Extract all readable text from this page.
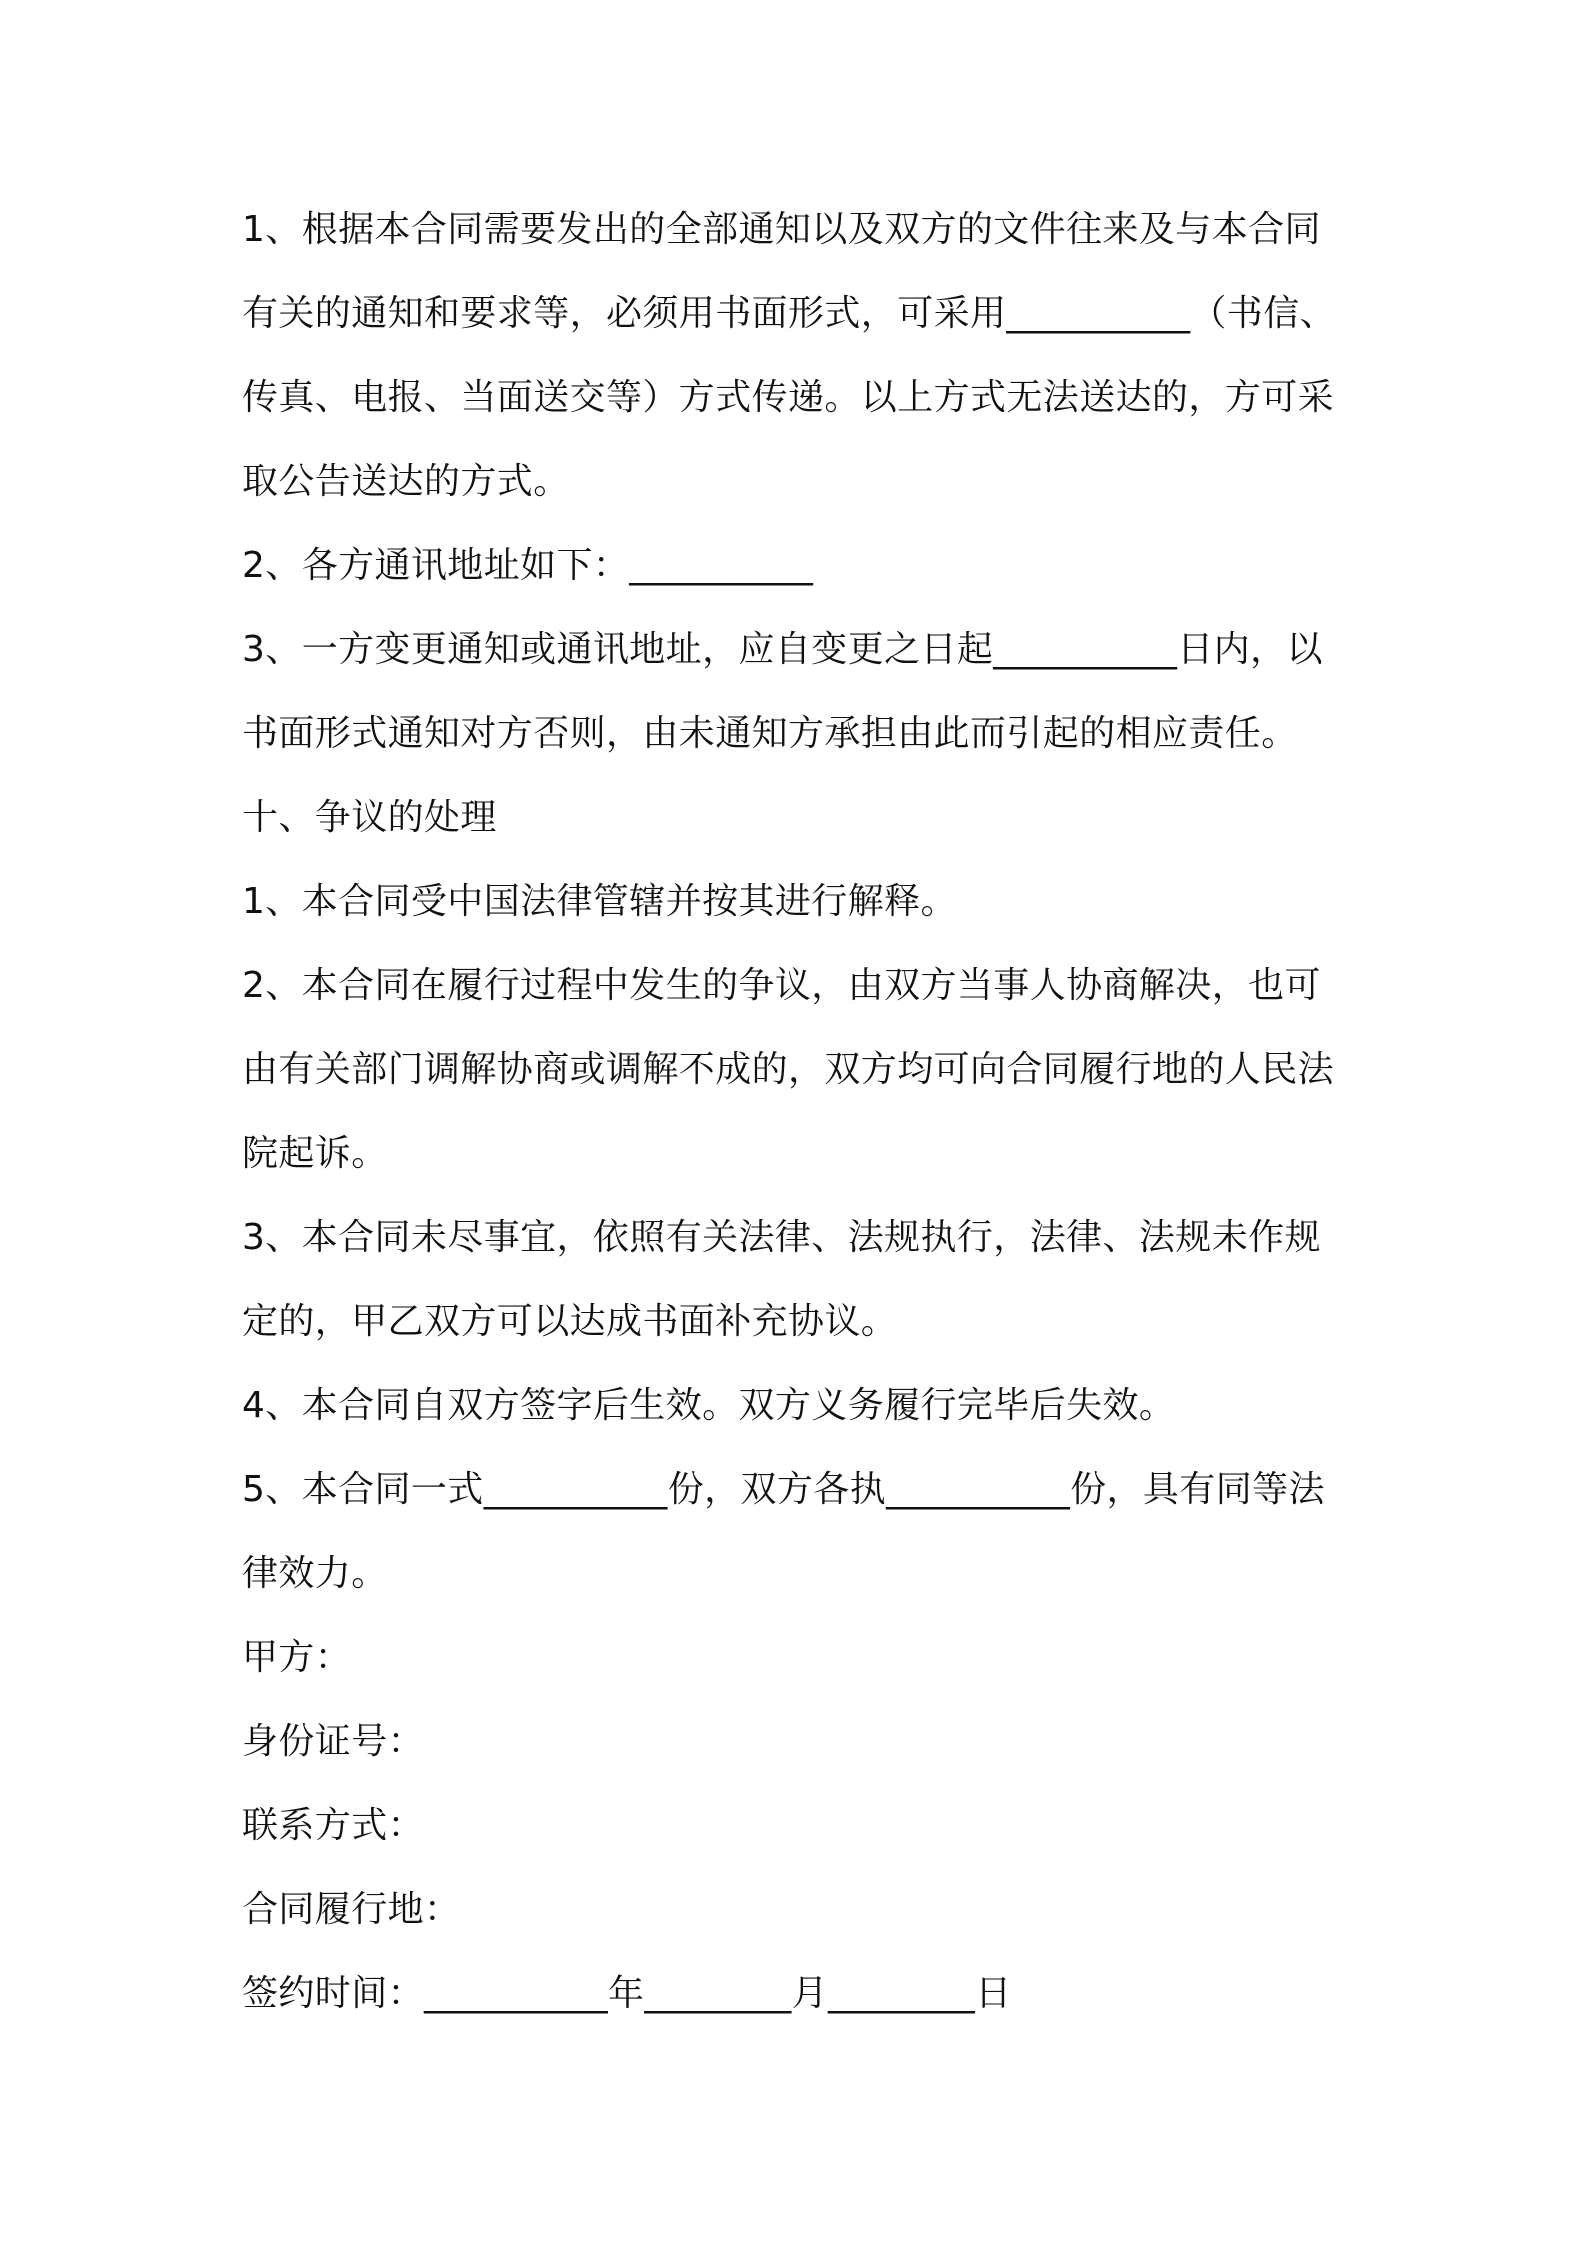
1、根据本合同需要发出的全部通知以及双方的文件往来及与本合同
有关的通知和要求等，必须用书面形式，可采用__________（书信、
传真、电报、当面送交等）方式传递。以上方式无法送达的，方可采
取公告送达的方式。
2、各方通讯地址如下：__________
3、一方变更通知或通讯地址，应自变更之日起__________日内，以
书面形式通知对方否则，由未通知方承担由此而引起的相应责任。
十、争议的处理
1、本合同受中国法律管辖并按其进行解释。
2、本合同在履行过程中发生的争议，由双方当事人协商解决，也可
由有关部门调解协商或调解不成的，双方均可向合同履行地的人民法
院起诉。
3、本合同未尽事宜，依照有关法律、法规执行，法律、法规未作规
定的，甲乙双方可以达成书面补充协议。
4、本合同自双方签字后生效。双方义务履行完毕后失效。
5、本合同一式__________份，双方各执__________份，具有同等法
律效力。
甲方：
身份证号：
联系方式：
合同履行地：
签约时间：__________年________月________日
